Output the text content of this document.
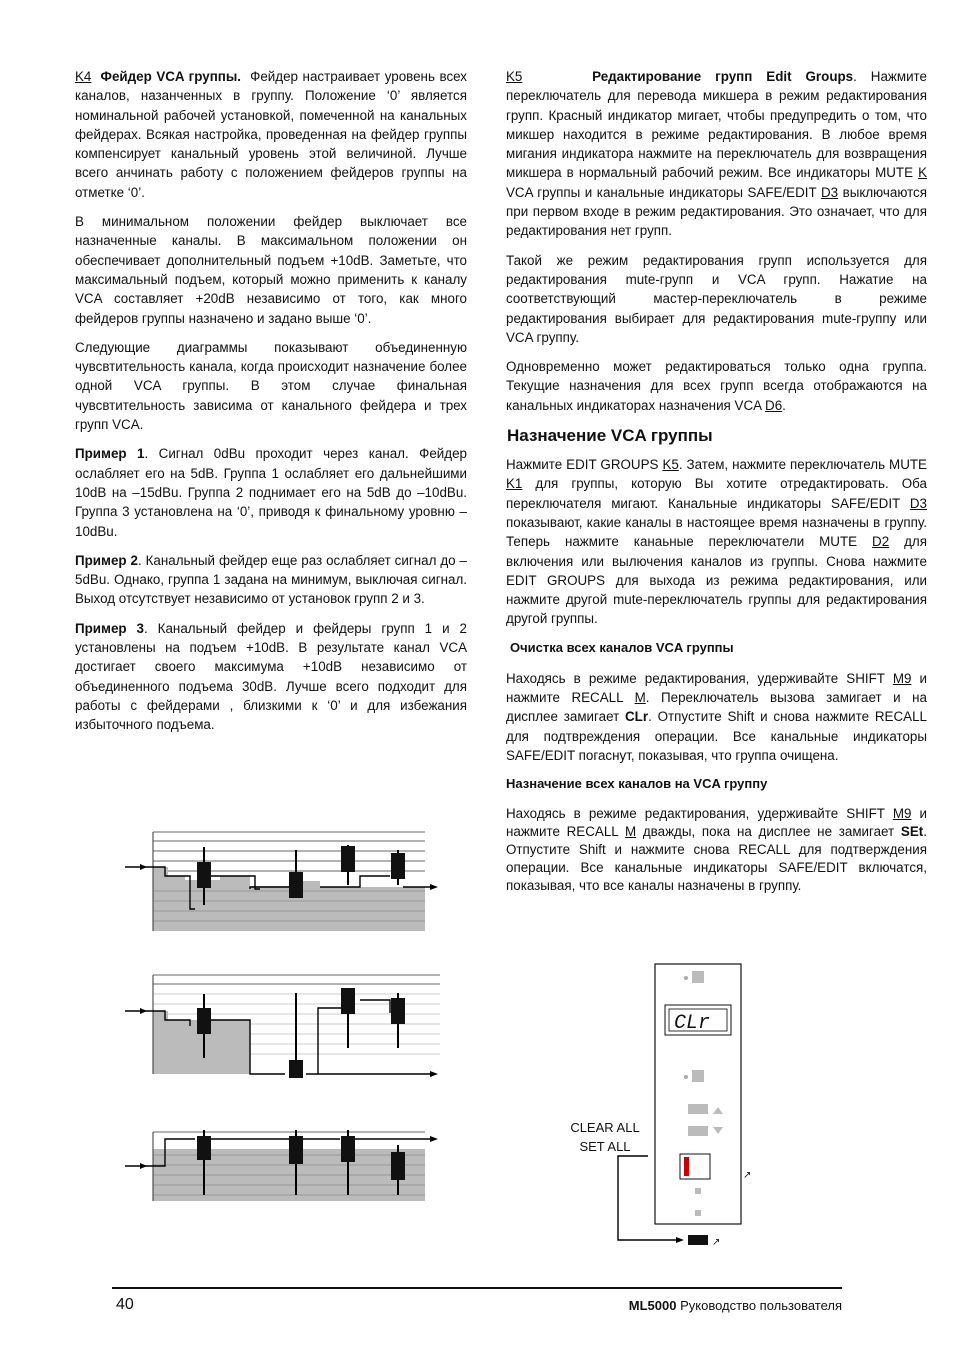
K4 Фейдер VCA группы. Фейдер настраивает уровень всех каналов, назанченных в группу. Положение ‘0’ является номинальной рабочей установкой, помеченной на канальных фейдерах. Всякая настройка, проведенная на фейдер группы компенсирует канальный уровень этой величиной. Лучше всего анчинать работу с положением фейдеров группы на отметке ‘0’.

В минимальном положении фейдер выключает все назначенные каналы. В максимальном положении он обеспечивает дополнительный подъем +10dB. Заметьте, что максимальный подъем, который можно применить к каналу VCA составляет +20dB независимо от того, как много фейдеров группы назначено и задано выше ‘0’.

Следующие диаграммы показывают объединенную чувсвтительность канала, когда происходит назначение более одной VCA группы. В этом случае финальная чувсвтительность зависима от канального фейдера и трех групп VCA.

Пример 1. Сигнал 0dBu проходит через канал. Фейдер ослабляет его на 5dB. Группа 1 ослабляет его дальнейшими 10dB на –15dBu. Группа 2 поднимает его на 5dB до –10dBu. Группа 3 установлена на ‘0’, приводя к финальному уровню –10dBu.

Пример 2. Канальный фейдер еще раз ослабляет сигнал до –5dBu. Однако, группа 1 задана на минимум, выключая сигнал. Выход отсутствует независимо от установок групп 2 и 3.

Пример 3. Канальный фейдер и фейдеры групп 1 и 2 установлены на подъем +10dB. В результате канал VCA достигает своего максимума +10dB независимо от объединенного подъема 30dB. Лучше всего подходит для работы с фейдерами , близкими к ‘0’ и для избежания избыточного подъема.

K5	Редактирование групп Edit Groups. Нажмите переключатель для перевода микшера в режим редактирования групп. Красный индикатор мигает, чтобы предупредить о том, что микшер находится в режиме редактирования. В любое время мигания индикатора нажмите на переключатель для возвращения микшера в нормальный рабочий режим. Все индикаторы MUTE K VCA группы и канальные индикаторы SAFE/EDIT D3 выключаются при первом входе в режим редактирования. Это означает, что для редактирования нет групп.

Такой же режим редактирования групп используется для редактирования mute-групп и VCA групп. Нажатие на соответствующий мастер-переключатель в режиме редактирования выбирает для редактирования mute-группу или VCA группу.

Одновременно может редактироваться только одна группа. Текущие назначения для всех групп всегда отображаются на канальных индикаторах назначения VCA D6.

Назначение VCA группы

Нажмите EDIT GROUPS K5. Затем, нажмите переключатель MUTE K1 для группы, которую Вы хотите отредактировать. Оба переключателя мигают. Канальные индикаторы SAFE/EDIT D3 показывают, какие каналы в настоящее время назначены в группу. Теперь нажмите канаьные переключатели MUTE D2 для включения или вылючения каналов из группы. Снова нажмите EDIT GROUPS для выхода из режима редактирования, или нажмите другой mute-переключатель группы для редактирования другой группы.

Очистка всех каналов VCA группы

Находясь в режиме редактирования, удерживайте SHIFT M9 и нажмите RECALL M. Переключатель вызова замигает и на дисплее замигает CLr. Отпустите Shift и снова нажмите RECALL для подтвреждения операции. Все канальные индикаторы SAFE/EDIT погаснут, показывая, что группа очищена.

Назначение всех каналов на VCA группу

Находясь в режиме редактирования, удерживайте SHIFT M9 и нажмите RECALL M дважды, пока на дисплее не замигает SEt. Отпустите Shift и нажмите снова RECALL для подтверждения операции. Все канальные индикаторы SAFE/EDIT включатся, показывая, что все каналы назначены в группу.

CLr
↗
↗
CLEAR ALL
SET ALL
40	ML5000 Руководство пользователя
